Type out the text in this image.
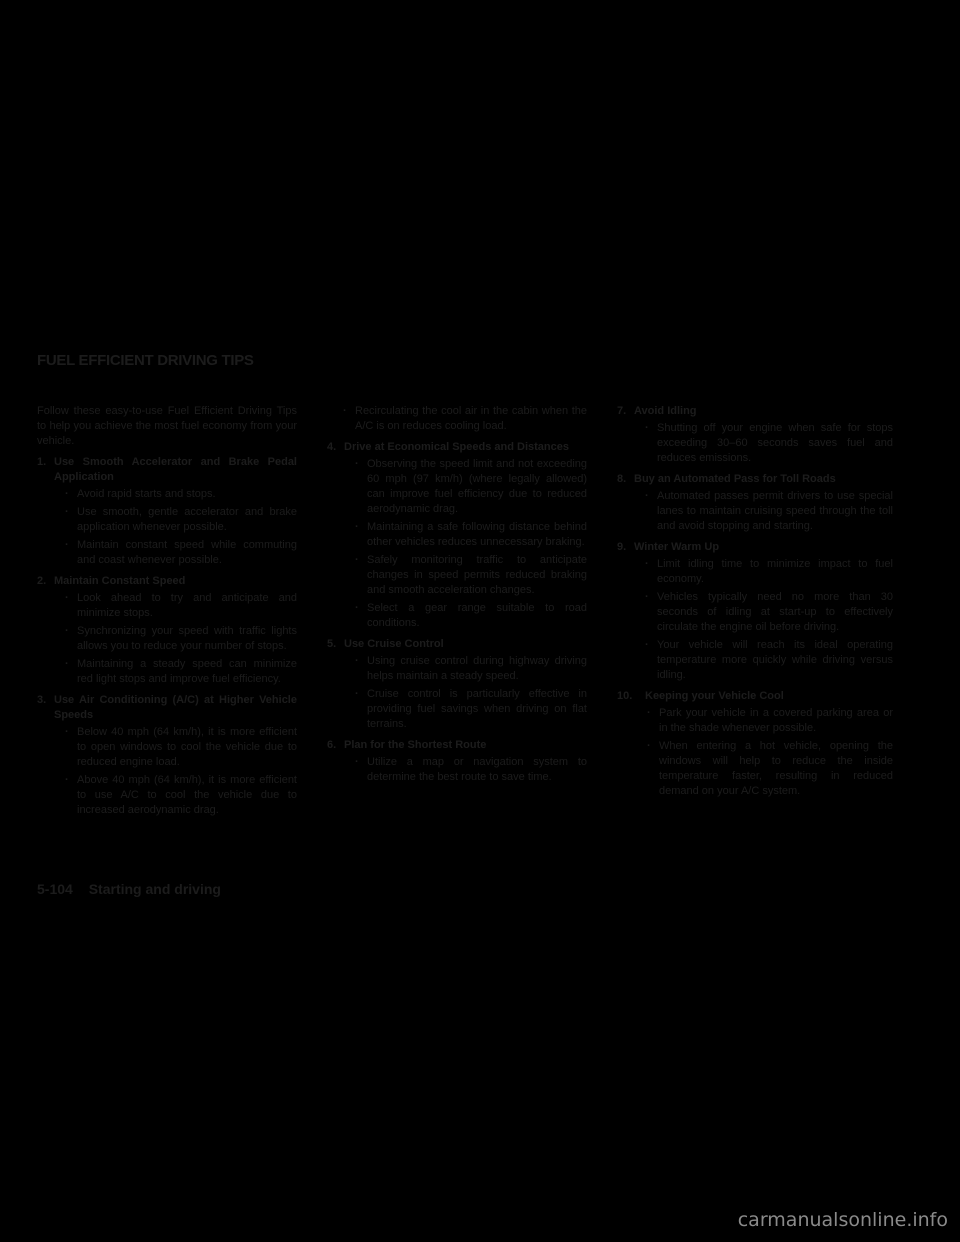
FUEL EFFICIENT DRIVING TIPS

Follow these easy-to-use Fuel Efficient Driving Tips to help you achieve the most fuel economy from your vehicle.

1. Use Smooth Accelerator and Brake Pedal Application
· Avoid rapid starts and stops.
· Use smooth, gentle accelerator and brake application whenever possible.
· Maintain constant speed while commuting and coast whenever possible.
2. Maintain Constant Speed
· Look ahead to try and anticipate and minimize stops.
· Synchronizing your speed with traffic lights allows you to reduce your number of stops.
· Maintaining a steady speed can minimize red light stops and improve fuel efficiency.
3. Use Air Conditioning (A/C) at Higher Vehicle Speeds
· Below 40 mph (64 km/h), it is more efficient to open windows to cool the vehicle due to reduced engine load.
· Above 40 mph (64 km/h), it is more efficient to use A/C to cool the vehicle due to increased aerodynamic drag.
· Recirculating the cool air in the cabin when the A/C is on reduces cooling load.
4. Drive at Economical Speeds and Distances
· Observing the speed limit and not exceeding 60 mph (97 km/h) (where legally allowed) can improve fuel efficiency due to reduced aerodynamic drag.
· Maintaining a safe following distance behind other vehicles reduces unnecessary braking.
· Safely monitoring traffic to anticipate changes in speed permits reduced braking and smooth acceleration changes.
· Select a gear range suitable to road conditions.
5. Use Cruise Control
· Using cruise control during highway driving helps maintain a steady speed.
· Cruise control is particularly effective in providing fuel savings when driving on flat terrains.
6. Plan for the Shortest Route
· Utilize a map or navigation system to determine the best route to save time.
7. Avoid Idling
· Shutting off your engine when safe for stops exceeding 30–60 seconds saves fuel and reduces emissions.
8. Buy an Automated Pass for Toll Roads
· Automated passes permit drivers to use special lanes to maintain cruising speed through the toll and avoid stopping and starting.
9. Winter Warm Up
· Limit idling time to minimize impact to fuel economy.
· Vehicles typically need no more than 30 seconds of idling at start-up to effectively circulate the engine oil before driving.
· Your vehicle will reach its ideal operating temperature more quickly while driving versus idling.
10.	Keeping your Vehicle Cool
· Park your vehicle in a covered parking area or in the shade whenever possible.
· When entering a hot vehicle, opening the windows will help to reduce the inside temperature faster, resulting in reduced demand on your A/C system.
5-104 Starting and driving
carmanualsonline.info
